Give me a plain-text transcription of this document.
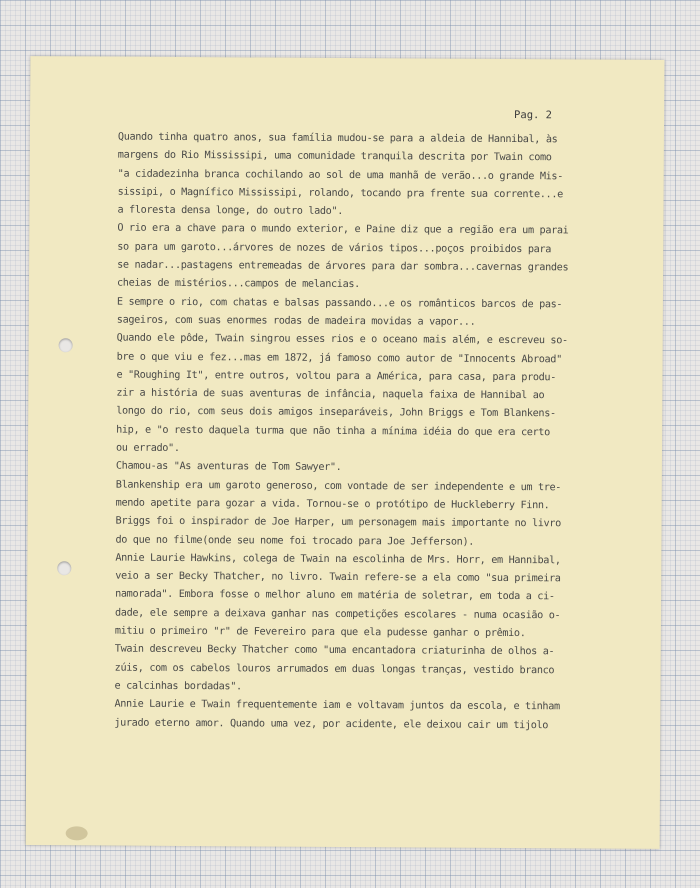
Pag. 2
Quando tinha quatro anos, sua família mudou-se para a aldeia de Hannibal, às
margens do Rio Mississipi, uma comunidade tranquila descrita por Twain como
"a cidadezinha branca cochilando ao sol de uma manhã de verão...o grande Mis-
sissipi, o Magnífico Mississipi, rolando, tocando pra frente sua corrente...e
a floresta densa longe, do outro lado".
O rio era a chave para o mundo exterior, e Paine diz que a região era um parai
so para um garoto...árvores de nozes de vários tipos...poços proibidos para
se nadar...pastagens entremeadas de árvores para dar sombra...cavernas grandes
cheias de mistérios...campos de melancias.
E sempre o rio, com chatas e balsas passando...e os românticos barcos de pas-
sageiros, com suas enormes rodas de madeira movidas a vapor...
Quando ele pôde, Twain singrou esses rios e o oceano mais além, e escreveu so-
bre o que viu e fez...mas em 1872, já famoso como autor de "Innocents Abroad"
e "Roughing It", entre outros, voltou para a América, para casa, para produ-
zir a história de suas aventuras de infância, naquela faixa de Hannibal ao
longo do rio, com seus dois amigos inseparáveis, John Briggs e Tom Blankens-
hip, e "o resto daquela turma que não tinha a mínima idéia do que era certo
ou errado".
Chamou-as "As aventuras de Tom Sawyer".
Blankenship era um garoto generoso, com vontade de ser independente e um tre-
mendo apetite para gozar a vida. Tornou-se o protótipo de Huckleberry Finn.
Briggs foi o inspirador de Joe Harper, um personagem mais importante no livro
do que no filme(onde seu nome foi trocado para Joe Jefferson).
Annie Laurie Hawkins, colega de Twain na escolinha de Mrs. Horr, em Hannibal,
veio a ser Becky Thatcher, no livro. Twain refere-se a ela como "sua primeira
namorada". Embora fosse o melhor aluno em matéria de soletrar, em toda a ci-
dade, ele sempre a deixava ganhar nas competições escolares - numa ocasião o-
mitiu o primeiro "r" de Fevereiro para que ela pudesse ganhar o prêmio.
Twain descreveu Becky Thatcher como "uma encantadora criaturinha de olhos a-
zúis, com os cabelos louros arrumados em duas longas tranças, vestido branco
e calcinhas bordadas".
Annie Laurie e Twain frequentemente iam e voltavam juntos da escola, e tinham
jurado eterno amor. Quando uma vez, por acidente, ele deixou cair um tijolo
